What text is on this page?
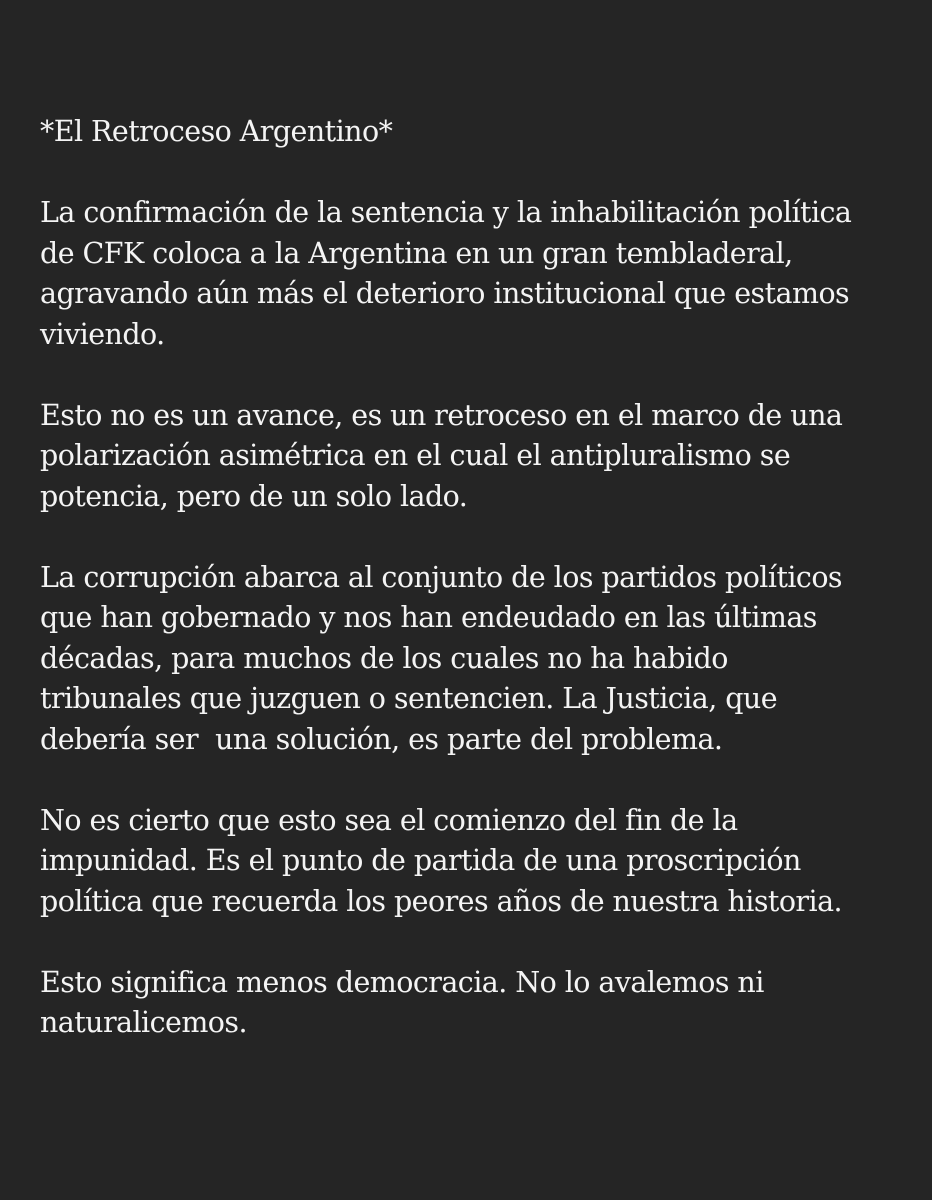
*El Retroceso Argentino*

La confirmación de la sentencia y la inhabilitación política
de CFK coloca a la Argentina en un gran tembladeral,
agravando aún más el deterioro institucional que estamos
viviendo.

Esto no es un avance, es un retroceso en el marco de una
polarización asimétrica en el cual el antipluralismo se
potencia, pero de un solo lado.

La corrupción abarca al conjunto de los partidos políticos
que han gobernado y nos han endeudado en las últimas
décadas, para muchos de los cuales no ha habido
tribunales que juzguen o sentencien. La Justicia, que
debería ser  una solución, es parte del problema.

No es cierto que esto sea el comienzo del fin de la
impunidad. Es el punto de partida de una proscripción
política que recuerda los peores años de nuestra historia.

Esto significa menos democracia. No lo avalemos ni
naturalicemos.
